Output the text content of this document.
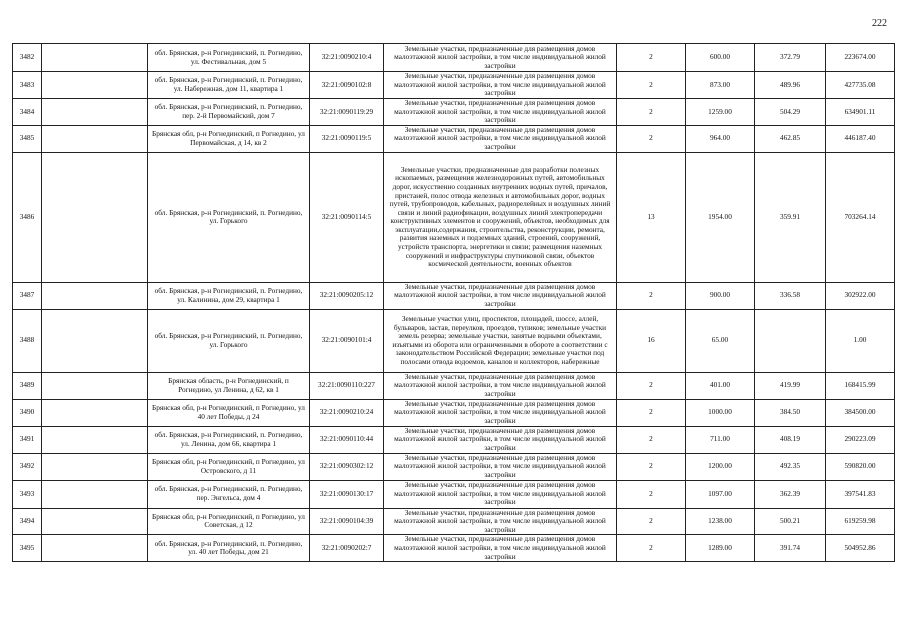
222
3482		обл. Брянская, р-н Рогнединский, п. Рогнедино, ул. Фестивальная, дом 5	32:21:0090210:4	Земельные участки, предназначенные для размещения домов малоэтажной жилой застройки, в том числе индивидуальной жилой застройки	2	600.00	372.79	223674.00
3483		обл. Брянская, р-н Рогнединский, п. Рогнедино, ул. Набережная, дом 11, квартира 1	32:21:0090102:8	Земельные участки, предназначенные для размещения домов малоэтажной жилой застройки, в том числе индивидуальной жилой застройки	2	873.00	489.96	427735.08
3484		обл. Брянская, р-н Рогнединский, п. Рогнедино, пер. 2-й Первомайский, дом 7	32:21:0090119:29	Земельные участки, предназначенные для размещения домов малоэтажной жилой застройки, в том числе индивидуальной жилой застройки	2	1259.00	504.29	634901.11
3485		Брянская обл, р-н Рогнединский, п Рогнедино, ул Первомайская, д 14, кв 2	32:21:0090119:5	Земельные участки, предназначенные для размещения домов малоэтажной жилой застройки, в том числе индивидуальной жилой застройки	2	964.00	462.85	446187.40
3486		обл. Брянская, р-н Рогнединский, п. Рогнедино, ул. Горького	32:21:0090114:5	Земельные участки, предназначенные для разработки полезных ископаемых, размещения железнодорожных путей, автомобильных дорог, искусственно созданных внутренних водных путей, причалов, пристаней, полос отвода железных и автомобильных дорог, водных путей, трубопроводов, кабельных, радиорелейных и воздушных линий связи и линий радиофикации, воздушных линий электропередачи конструктивных элементов и сооружений, объектов, необходимых для эксплуатации,содержания, строительства, реконструкции, ремонта, развития наземных и подземных зданий, строений, сооружений, устройств транспорта, энергетики и связи; размещения наземных сооружений и инфраструктуры спутниковой связи, объектов космической деятельности, военных объектов	13	1954.00	359.91	703264.14
3487		обл. Брянская, р-н Рогнединский, п. Рогнедино, ул. Калинина, дом 29, квартира 1	32:21:0090205:12	Земельные участки, предназначенные для размещения домов малоэтажной жилой застройки, в том числе индивидуальной жилой застройки	2	900.00	336.58	302922.00
3488		обл. Брянская, р-н Рогнединский, п. Рогнедино, ул. Горького	32:21:0090101:4	Земельные участки улиц, проспектов, площадей, шоссе, аллей, бульваров, застав, переулков, проездов, тупиков; земельные участки земель резерва; земельные участки, занятые водными объектами, изъятыми из оборота или ограниченными в обороте в соответствии с законодательством Российской Федерации; земельные участки под полосами отвода водоемов, каналов и коллекторов, набережные	16	65.00		1.00
3489		Брянская область, р-н Рогнединский, п Рогнедино, ул Ленина, д 62, кв 1	32:21:0090110:227	Земельные участки, предназначенные для размещения домов малоэтажной жилой застройки, в том числе индивидуальной жилой застройки	2	401.00	419.99	168415.99
3490		Брянская обл, р-н Рогнединский, п Рогнедино, ул 40 лет Победы, д 24	32:21:0090210:24	Земельные участки, предназначенные для размещения домов малоэтажной жилой застройки, в том числе индивидуальной жилой застройки	2	1000.00	384.50	384500.00
3491		обл. Брянская, р-н Рогнединский, п. Рогнедино, ул. Ленина, дом 66, квартира 1	32:21:0090110:44	Земельные участки, предназначенные для размещения домов малоэтажной жилой застройки, в том числе индивидуальной жилой застройки	2	711.00	408.19	290223.09
3492		Брянская обл, р-н Рогнединский, п Рогнедино, ул Островского, д 11	32:21:0090302:12	Земельные участки, предназначенные для размещения домов малоэтажной жилой застройки, в том числе индивидуальной жилой застройки	2	1200.00	492.35	590820.00
3493		обл. Брянская, р-н Рогнединский, п. Рогнедино, пер. Энгельса, дом 4	32:21:0090130:17	Земельные участки, предназначенные для размещения домов малоэтажной жилой застройки, в том числе индивидуальной жилой застройки	2	1097.00	362.39	397541.83
3494		Брянская обл, р-н Рогнединский, п Рогнедино, ул Советская, д 12	32:21:0090104:39	Земельные участки, предназначенные для размещения домов малоэтажной жилой застройки, в том числе индивидуальной жилой застройки	2	1238.00	500.21	619259.98
3495		обл. Брянская, р-н Рогнединский, п. Рогнедино, ул. 40 лет Победы, дом 21	32:21:0090202:7	Земельные участки, предназначенные для размещения домов малоэтажной жилой застройки, в том числе индивидуальной жилой застройки	2	1289.00	391.74	504952.86
